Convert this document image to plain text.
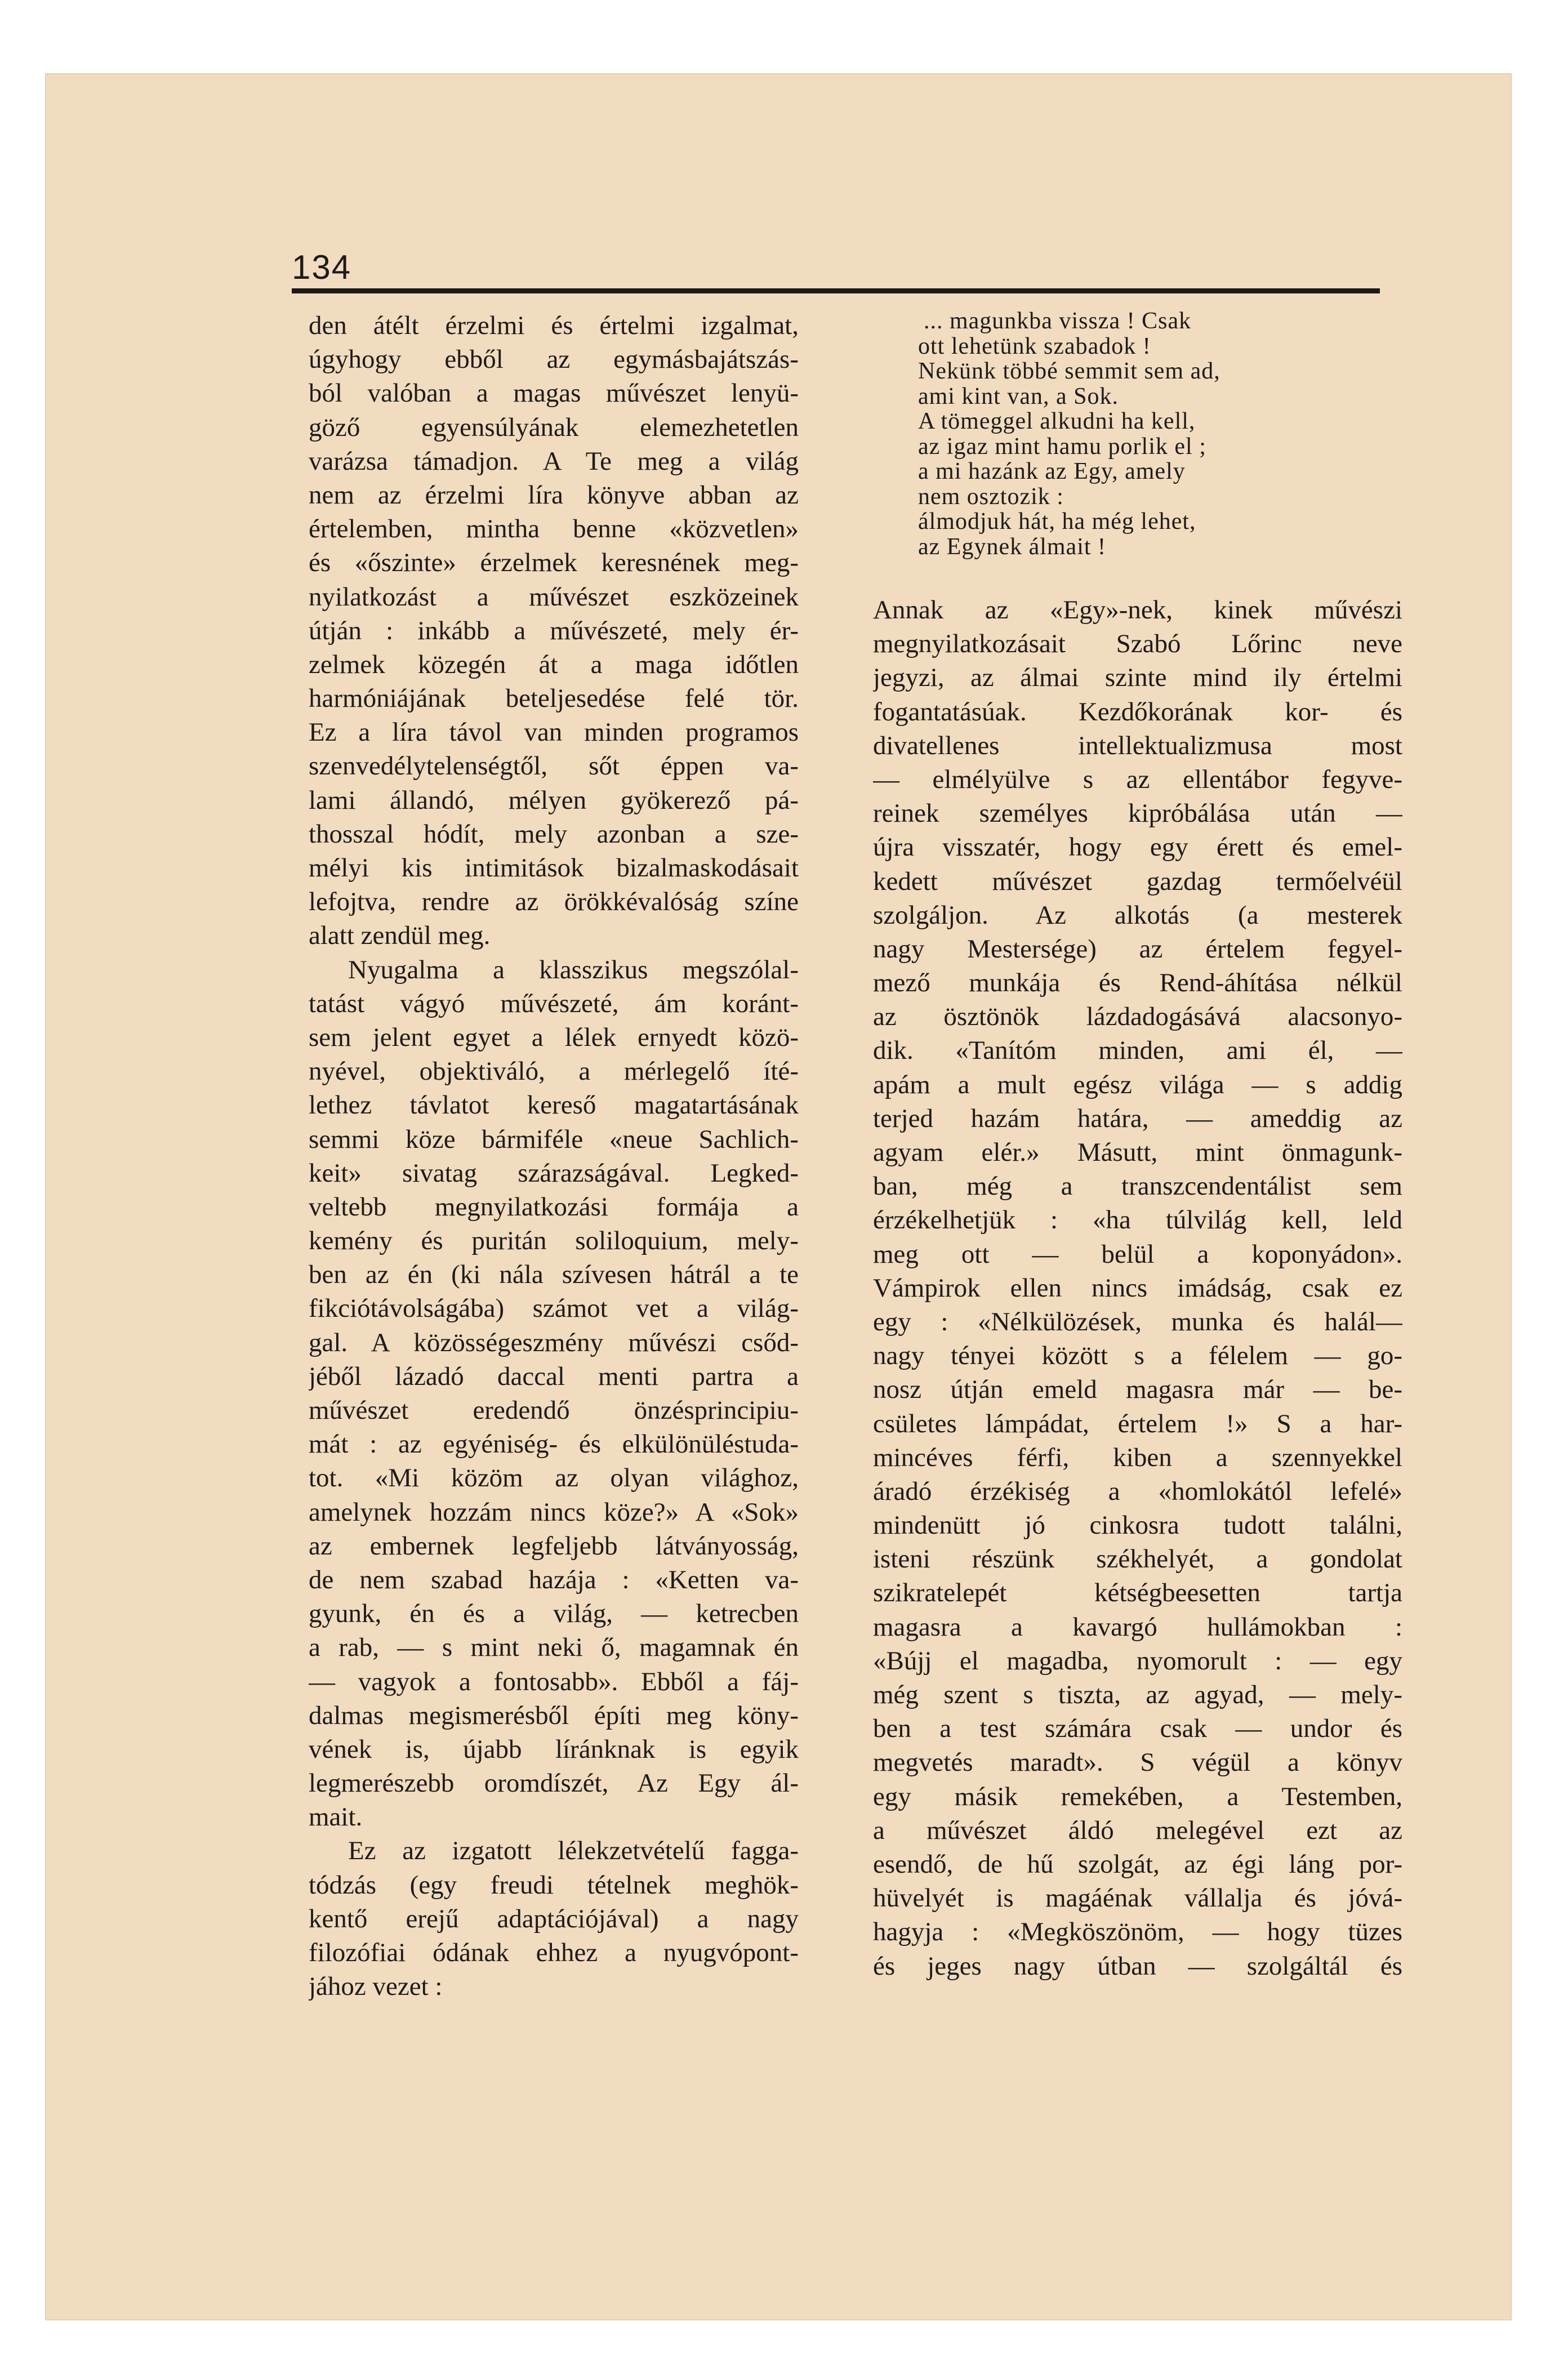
134
den átélt érzelmi és értelmi izgalmat,
úgyhogy ebből az egymásbajátszás-
ból valóban a magas művészet lenyü-
göző egyensúlyának elemezhetetlen
varázsa támadjon. A Te meg a világ
nem az érzelmi líra könyve abban az
értelemben, mintha benne «közvetlen»
és «őszinte» érzelmek keresnének meg-
nyilatkozást a művészet eszközeinek
útján : inkább a művészeté, mely ér-
zelmek közegén át a maga időtlen
harmóniájának beteljesedése felé tör.
Ez a líra távol van minden programos
szenvedélytelenségtől, sőt éppen va-
lami állandó, mélyen gyökerező pá-
thosszal hódít, mely azonban a sze-
mélyi kis intimitások bizalmaskodásait
lefojtva, rendre az örökkévalóság színe
alatt zendül meg.
Nyugalma a klasszikus megszólal-
tatást vágyó művészeté, ám koránt-
sem jelent egyet a lélek ernyedt közö-
nyével, objektiváló, a mérlegelő íté-
lethez távlatot kereső magatartásának
semmi köze bármiféle «neue Sachlich-
keit» sivatag szárazságával. Legked-
veltebb megnyilatkozási formája a
kemény és puritán soliloquium, mely-
ben az én (ki nála szívesen hátrál a te
fikciótávolságába) számot vet a világ-
gal. A közösségeszmény művészi csőd-
jéből lázadó daccal menti partra a
művészet eredendő önzésprincipiu-
mát : az egyéniség- és elkülönüléstuda-
tot. «Mi közöm az olyan világhoz,
amelynek hozzám nincs köze?» A «Sok»
az embernek legfeljebb látványosság,
de nem szabad hazája : «Ketten va-
gyunk, én és a világ, — ketrecben
a rab, — s mint neki ő, magamnak én
— vagyok a fontosabb». Ebből a fáj-
dalmas megismerésből építi meg köny-
vének is, újabb líránknak is egyik
legmerészebb oromdíszét, Az Egy ál-
mait.
Ez az izgatott lélekzetvételű fagga-
tódzás (egy freudi tételnek meghök-
kentő erejű adaptációjával) a nagy
filozófiai ódának ehhez a nyugvópont-
jához vezet :
... magunkba vissza ! Csak
ott lehetünk szabadok !
Nekünk többé semmit sem ad,
ami kint van, a Sok.
A tömeggel alkudni ha kell,
az igaz mint hamu porlik el ;
a mi hazánk az Egy, amely
nem osztozik :
álmodjuk hát, ha még lehet,
az Egynek álmait !
Annak az «Egy»-nek, kinek művészi
megnyilatkozásait Szabó Lőrinc neve
jegyzi, az álmai szinte mind ily értelmi
fogantatásúak. Kezdőkorának kor- és
divatellenes intellektualizmusa most
— elmélyülve s az ellentábor fegyve-
reinek személyes kipróbálása után —
újra visszatér, hogy egy érett és emel-
kedett művészet gazdag termőelvéül
szolgáljon. Az alkotás (a mesterek
nagy Mestersége) az értelem fegyel-
mező munkája és Rend-áhítása nélkül
az ösztönök lázdadogásává alacsonyo-
dik. «Tanítóm minden, ami él, —
apám a mult egész világa — s addig
terjed hazám határa, — ameddig az
agyam elér.» Másutt, mint önmagunk-
ban, még a transzcendentálist sem
érzékelhetjük : «ha túlvilág kell, leld
meg ott — belül a koponyádon».
Vámpirok ellen nincs imádság, csak ez
egy : «Nélkülözések, munka és halál—
nagy tényei között s a félelem — go-
nosz útján emeld magasra már — be-
csületes lámpádat, értelem !» S a har-
mincéves férfi, kiben a szennyekkel
áradó érzékiség a «homlokától lefelé»
mindenütt jó cinkosra tudott találni,
isteni részünk székhelyét, a gondolat
szikratelepét kétségbeesetten tartja
magasra a kavargó hullámokban :
«Bújj el magadba, nyomorult : — egy
még szent s tiszta, az agyad, — mely-
ben a test számára csak — undor és
megvetés maradt». S végül a könyv
egy másik remekében, a Testemben,
a művészet áldó melegével ezt az
esendő, de hű szolgát, az égi láng por-
hüvelyét is magáénak vállalja és jóvá-
hagyja : «Megköszönöm, — hogy tüzes
és jeges nagy útban — szolgáltál és
